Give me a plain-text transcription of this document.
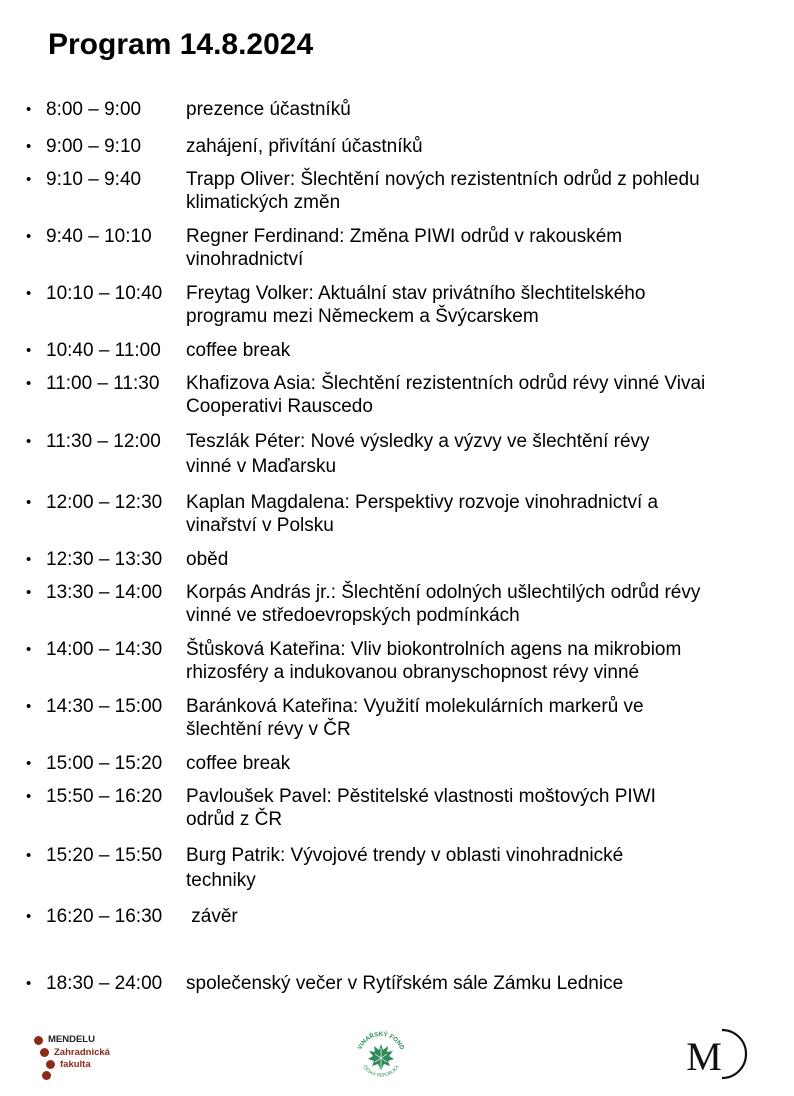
Program 14.8.2024
• 8:00 – 9:00 prezence účastníků
• 9:00 – 9:10 zahájení, přivítání účastníků
• 9:10 – 9:40 Trapp Oliver: Šlechtění nových rezistentních odrůd z pohledu
klimatických změn
• 9:40 – 10:10 Regner Ferdinand: Změna PIWI odrůd v rakouském
vinohradnictví
• 10:10 – 10:40 Freytag Volker: Aktuální stav privátního šlechtitelského
programu mezi Německem a Švýcarskem
• 10:40 – 11:00 coffee break
• 11:00 – 11:30 Khafizova Asia: Šlechtění rezistentních odrůd révy vinné Vivai
Cooperativi Rauscedo
• 11:30 – 12:00 Teszlák Péter: Nové výsledky a výzvy ve šlechtění révy
vinné v Maďarsku
• 12:00 – 12:30 Kaplan Magdalena: Perspektivy rozvoje vinohradnictví a
vinařství v Polsku
• 12:30 – 13:30 oběd
• 13:30 – 14:00 Korpás András jr.: Šlechtění odolných ušlechtilých odrůd révy
vinné ve středoevropských podmínkách
• 14:00 – 14:30 Štůsková Kateřina: Vliv biokontrolních agens na mikrobiom
rhizosféry a indukovanou obranyschopnost révy vinné
• 14:30 – 15:00 Baránková Kateřina: Využití molekulárních markerů ve
šlechtění révy v ČR
• 15:00 – 15:20 coffee break
• 15:50 – 16:20 Pavloušek Pavel: Pěstitelské vlastnosti moštových PIWI
odrůd z ČR
• 15:20 – 15:50 Burg Patrik: Vývojové trendy v oblasti vinohradnické
techniky
• 16:20 – 16:30 závěr
• 18:30 – 24:00 společenský večer v Rytířském sále Zámku Lednice
MENDELU
Zahradnická
fakulta
VINAŘSKÝ FOND
ČESKÁ REPUBLIKA	M
